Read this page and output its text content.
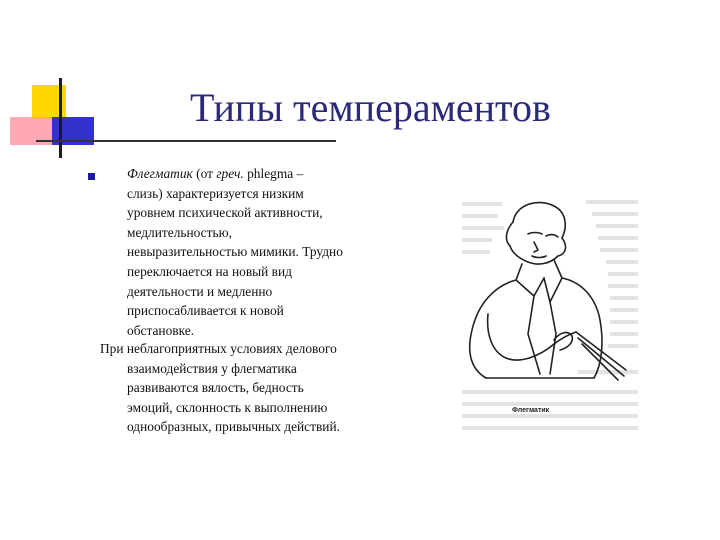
Типы темпераментов
Флегматик (от греч. phlegma –
слизь) характеризуется низким
уровнем психической активности,
медлительностью,
невыразительностью мимики. Трудно
переключается на новый вид
деятельности и медленно
приспосабливается к новой
обстановке.
При неблагоприятных условиях делового
взаимодействия у флегматика
развиваются вялость, бедность
эмоций, склонность к выполнению
однообразных, привычных действий.
Флегматик
